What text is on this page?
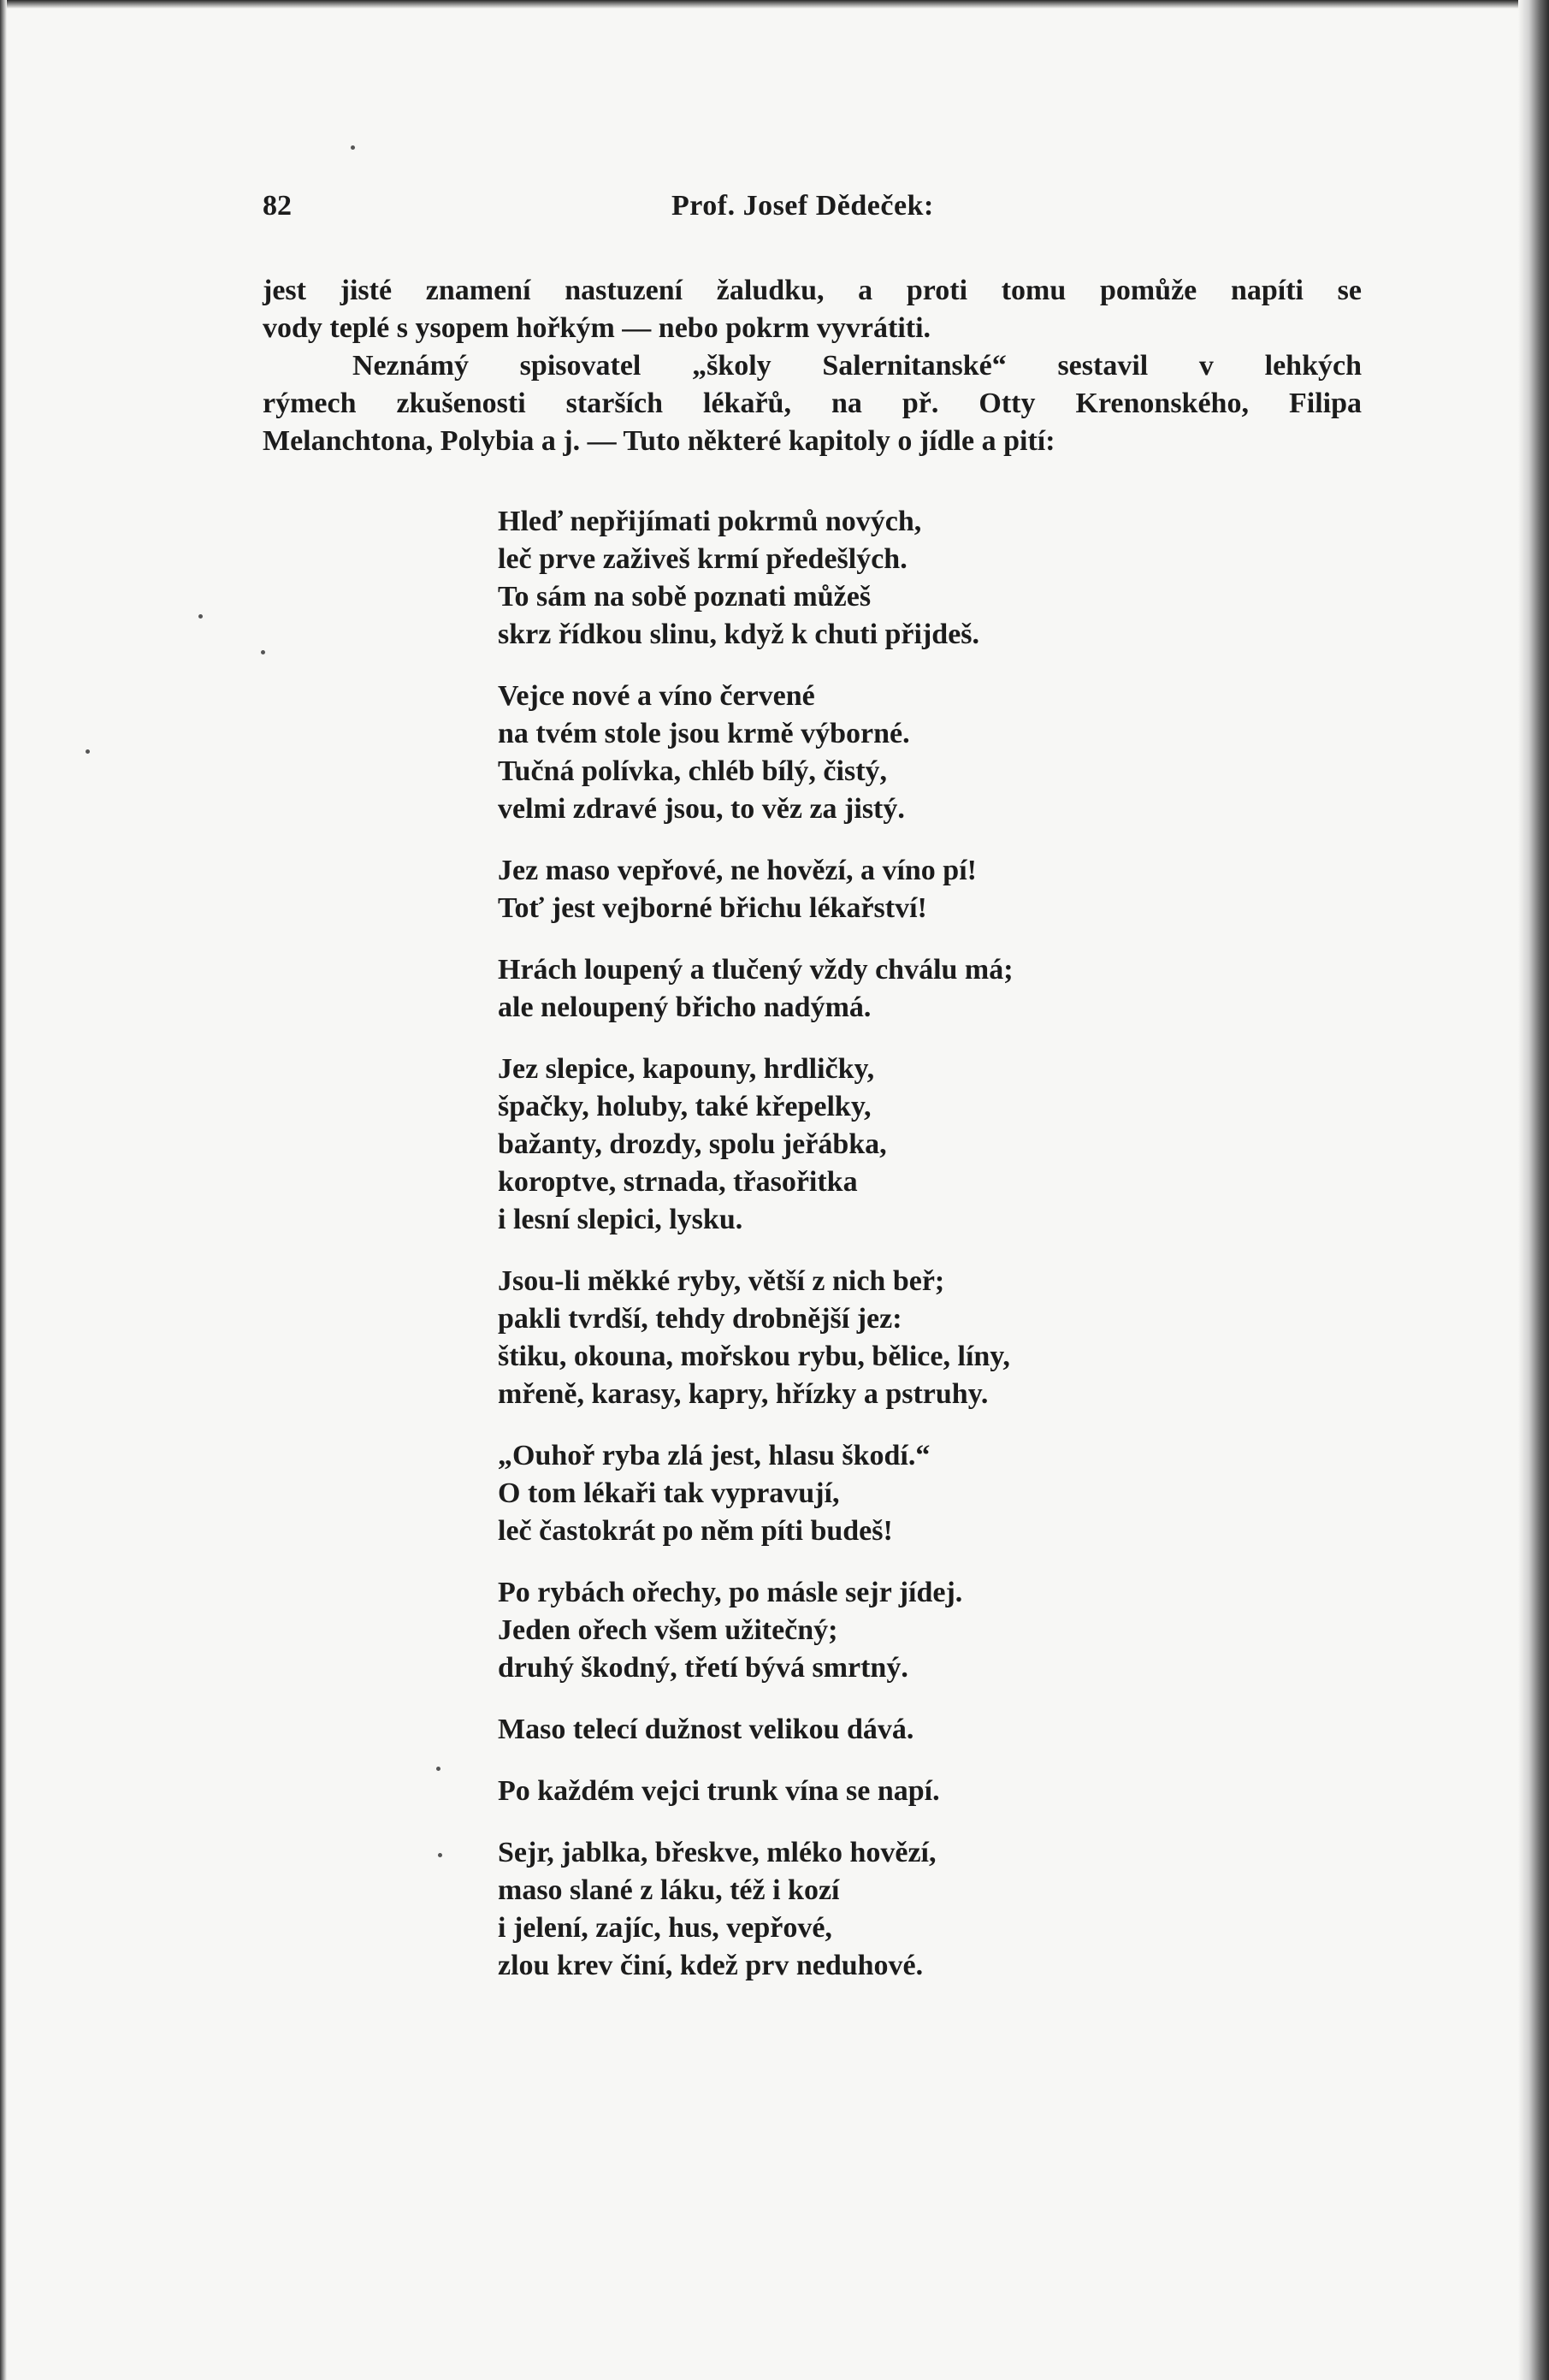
82	Prof. Josef Dědeček:

jest jisté znamení nastuzení žaludku, a proti tomu pomůže napíti se
vody teplé s ysopem hořkým — nebo pokrm vyvrátiti.

Neznámý spisovatel „školy Salernitanské“ sestavil v lehkých
rýmech zkušenosti starších lékařů, na př. Otty Krenonského, Filipa
Melanchtona, Polybia a j. — Tuto některé kapitoly o jídle a pití:

Hleď nepřijímati pokrmů nových,
leč prve zaživeš krmí předešlých.
To sám na sobě poznati můžeš
skrz řídkou slinu, když k chuti přijdeš.
Vejce nové a víno červené
na tvém stole jsou krmě výborné.
Tučná polívka, chléb bílý, čistý,
velmi zdravé jsou, to věz za jistý.
Jez maso vepřové, ne hovězí, a víno pí!
Toť jest vejborné břichu lékařství!
Hrách loupený a tlučený vždy chválu má;
ale neloupený břicho nadýmá.
Jez slepice, kapouny, hrdličky,
špačky, holuby, také křepelky,
bažanty, drozdy, spolu jeřábka,
koroptve, strnada, třasořitka
i lesní slepici, lysku.
Jsou-li měkké ryby, větší z nich beř;
pakli tvrdší, tehdy drobnější jez:
štiku, okouna, mořskou rybu, bělice, líny,
mřeně, karasy, kapry, hřízky a pstruhy.
„Ouhoř ryba zlá jest, hlasu škodí.“
O tom lékaři tak vypravují,
leč častokrát po něm píti budeš!
Po rybách ořechy, po másle sejr jídej.
Jeden ořech všem užitečný;
druhý škodný, třetí bývá smrtný.
Maso telecí dužnost velikou dává.
Po každém vejci trunk vína se napí.
Sejr, jablka, břeskve, mléko hovězí,
maso slané z láku, též i kozí
i jelení, zajíc, hus, vepřové,
zlou krev činí, kdež prv neduhové.
